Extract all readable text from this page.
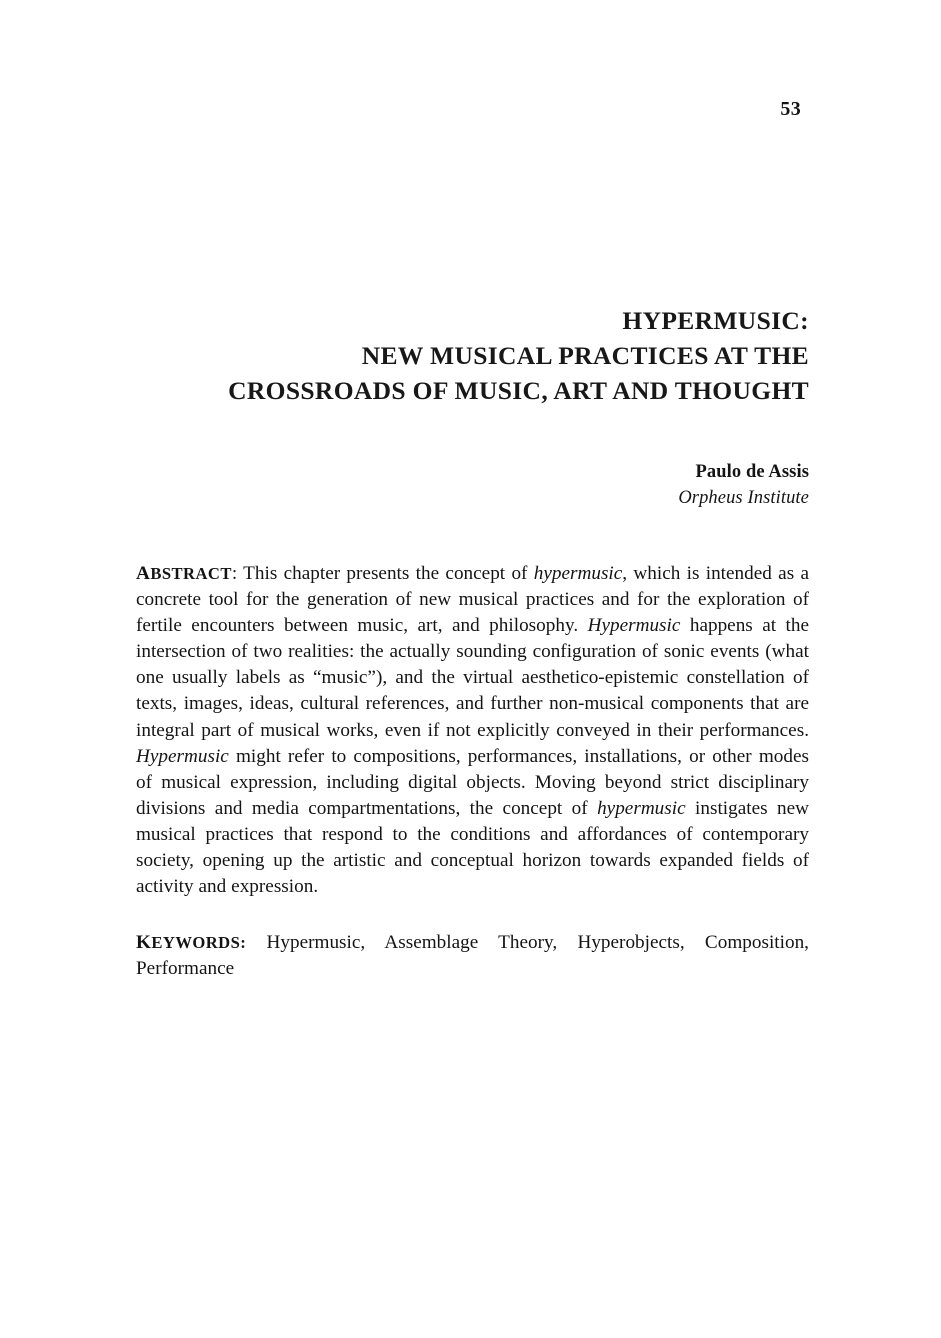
53
HYPERMUSIC:
NEW MUSICAL PRACTICES AT THE
CROSSROADS OF MUSIC, ART AND THOUGHT
Paulo de Assis
Orpheus Institute

ABSTRACT: This chapter presents the concept of hypermusic, which is intended as a concrete tool for the generation of new musical practices and for the exploration of fertile encounters between music, art, and philosophy. Hypermusic happens at the intersection of two realities: the actually sounding configuration of sonic events (what one usually labels as “music”), and the virtual aesthetico-epistemic constellation of texts, images, ideas, cultural references, and further non-musical components that are integral part of musical works, even if not explicitly conveyed in their performances. Hypermusic might refer to compositions, performances, installations, or other modes of musical expression, including digital objects. Moving beyond strict disciplinary divisions and media compartmentations, the concept of hypermusic instigates new musical practices that respond to the conditions and affordances of contemporary society, opening up the artistic and conceptual horizon towards expanded fields of activity and expression.

KEYWORDS: Hypermusic, Assemblage Theory, Hyperobjects, Composition, Performance
